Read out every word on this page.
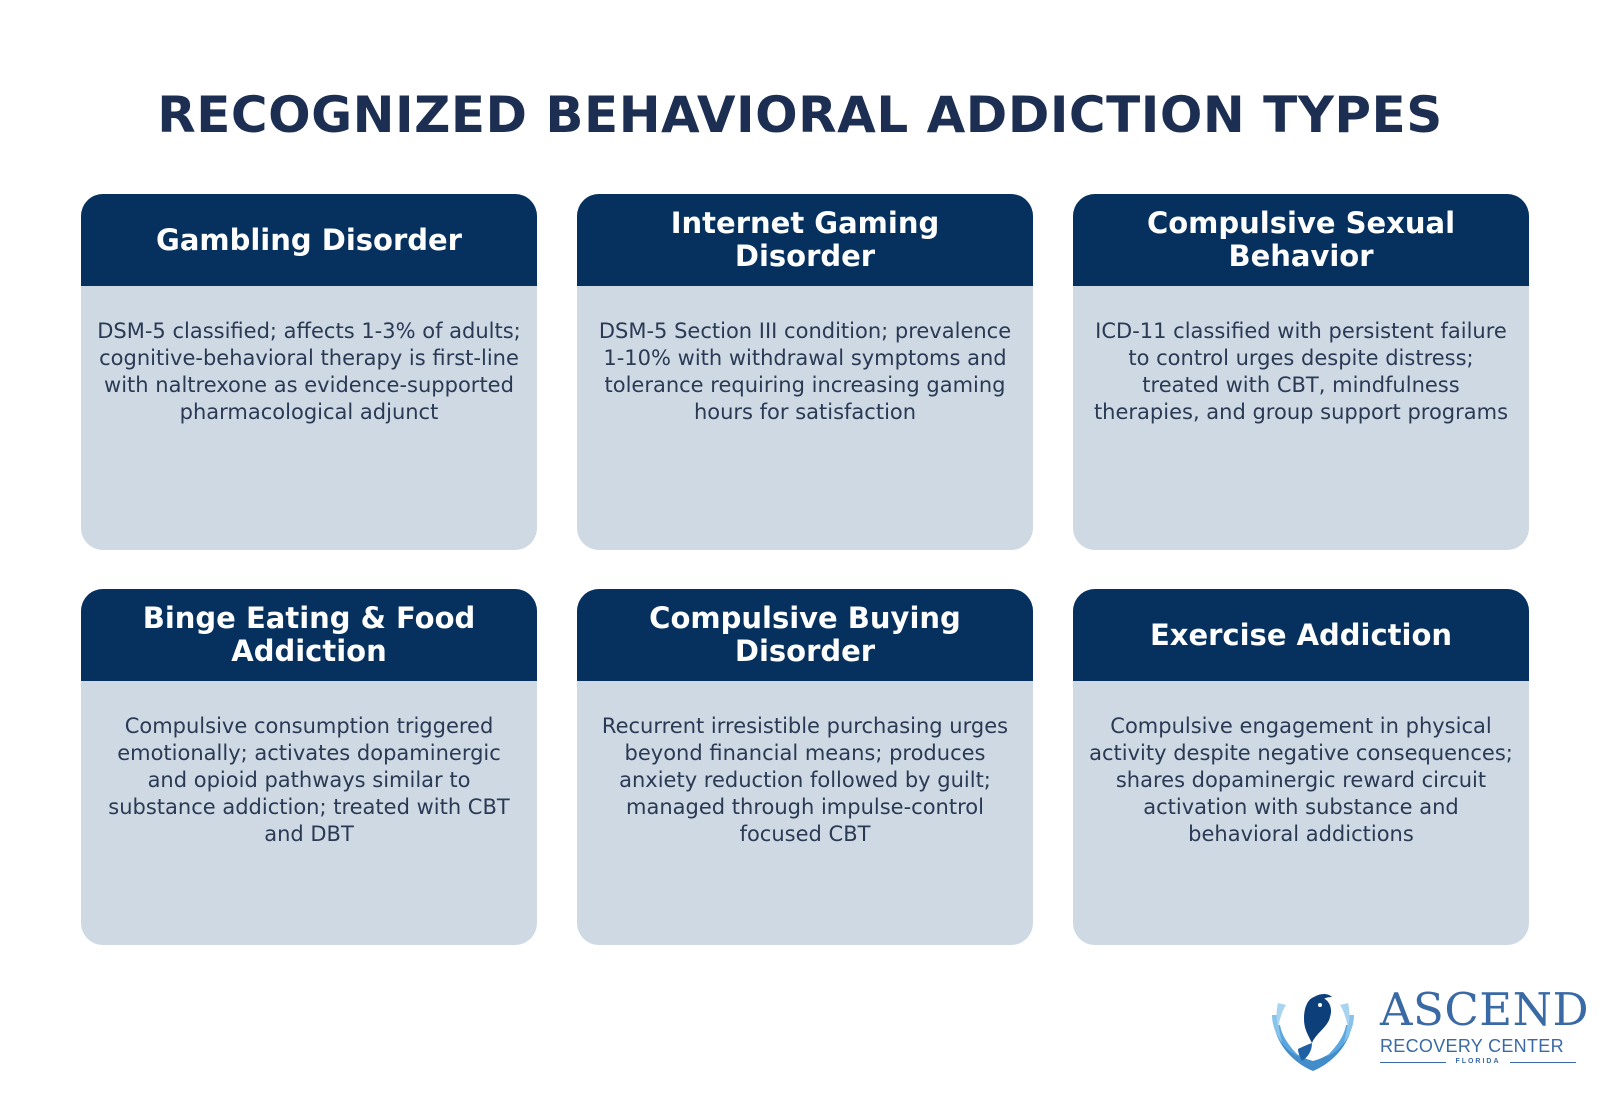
RECOGNIZED BEHAVIORAL ADDICTION TYPES
Gambling Disorder
DSM-5 classified; affects 1-3% of adults; cognitive-behavioral therapy is first-line with naltrexone as evidence-supported pharmacological adjunct
Internet Gaming Disorder
DSM-5 Section III condition; prevalence 1-10% with withdrawal symptoms and tolerance requiring increasing gaming hours for satisfaction
Compulsive Sexual Behavior
ICD-11 classified with persistent failure to control urges despite distress; treated with CBT, mindfulness therapies, and group support programs
Binge Eating & Food Addiction
Compulsive consumption triggered emotionally; activates dopaminergic and opioid pathways similar to substance addiction; treated with CBT and DBT
Compulsive Buying Disorder
Recurrent irresistible purchasing urges beyond financial means; produces anxiety reduction followed by guilt; managed through impulse-control focused CBT
Exercise Addiction
Compulsive engagement in physical activity despite negative consequences; shares dopaminergic reward circuit activation with substance and behavioral addictions
ASCEND
RECOVERY CENTER
FLORIDA
